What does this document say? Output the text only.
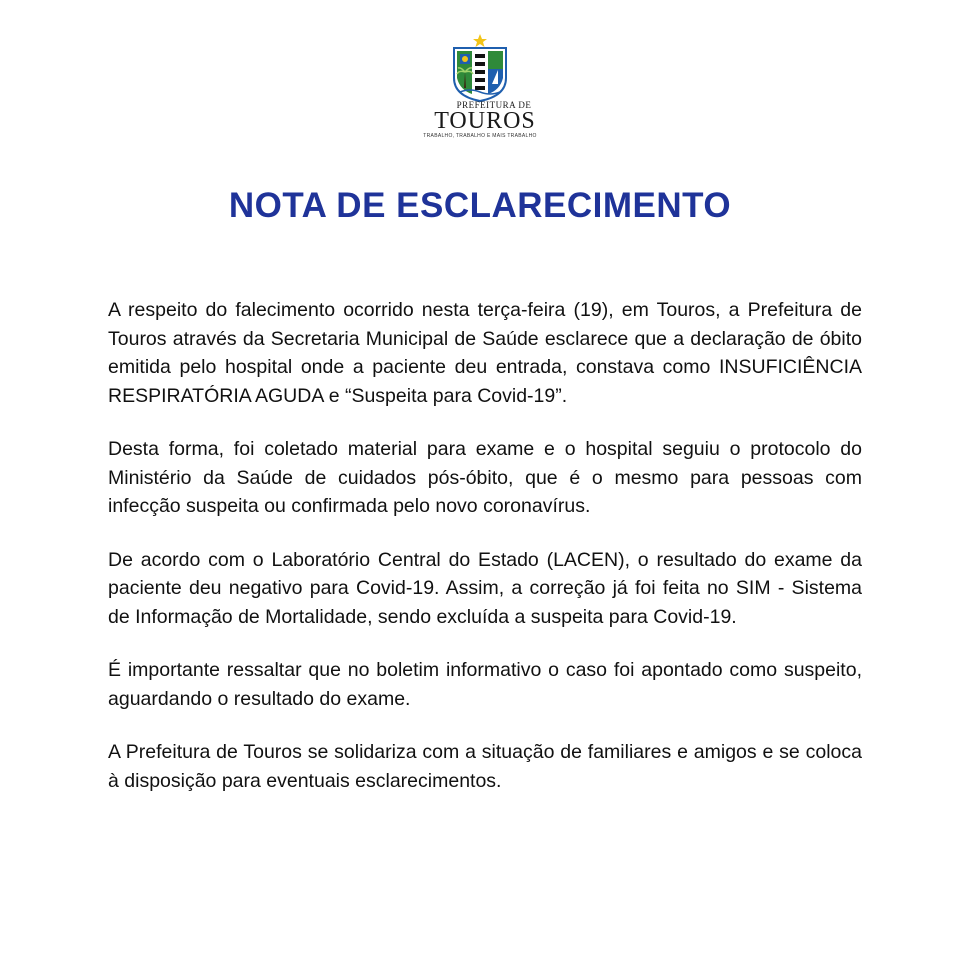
PREFEITURA DE
TOUROS
TRABALHO, TRABALHO E MAIS TRABALHO
NOTA DE ESCLARECIMENTO

A respeito do falecimento ocorrido nesta terça-feira (19), em Touros, a Prefeitura de Touros através da Secretaria Municipal de Saúde esclarece que a declaração de óbito emitida pelo hospital onde a paciente deu entrada, constava como INSUFICIÊNCIA RESPIRATÓRIA AGUDA e “Suspeita para Covid-19”.

Desta forma, foi coletado material para exame e o hospital seguiu o protocolo do Ministério da Saúde de cuidados pós-óbito, que é o mesmo para pessoas com infecção suspeita ou confirmada pelo novo coronavírus.

De acordo com o Laboratório Central do Estado (LACEN), o resultado do exame da paciente deu negativo para Covid-19. Assim, a correção já foi feita no SIM - Sistema de Informação de Mortalidade, sendo excluída a suspeita para Covid-19.

É importante ressaltar que no boletim informativo o caso foi apontado como suspeito, aguardando o resultado do exame.

A Prefeitura de Touros se solidariza com a situação de familiares e amigos e se coloca à disposição para eventuais esclarecimentos.
